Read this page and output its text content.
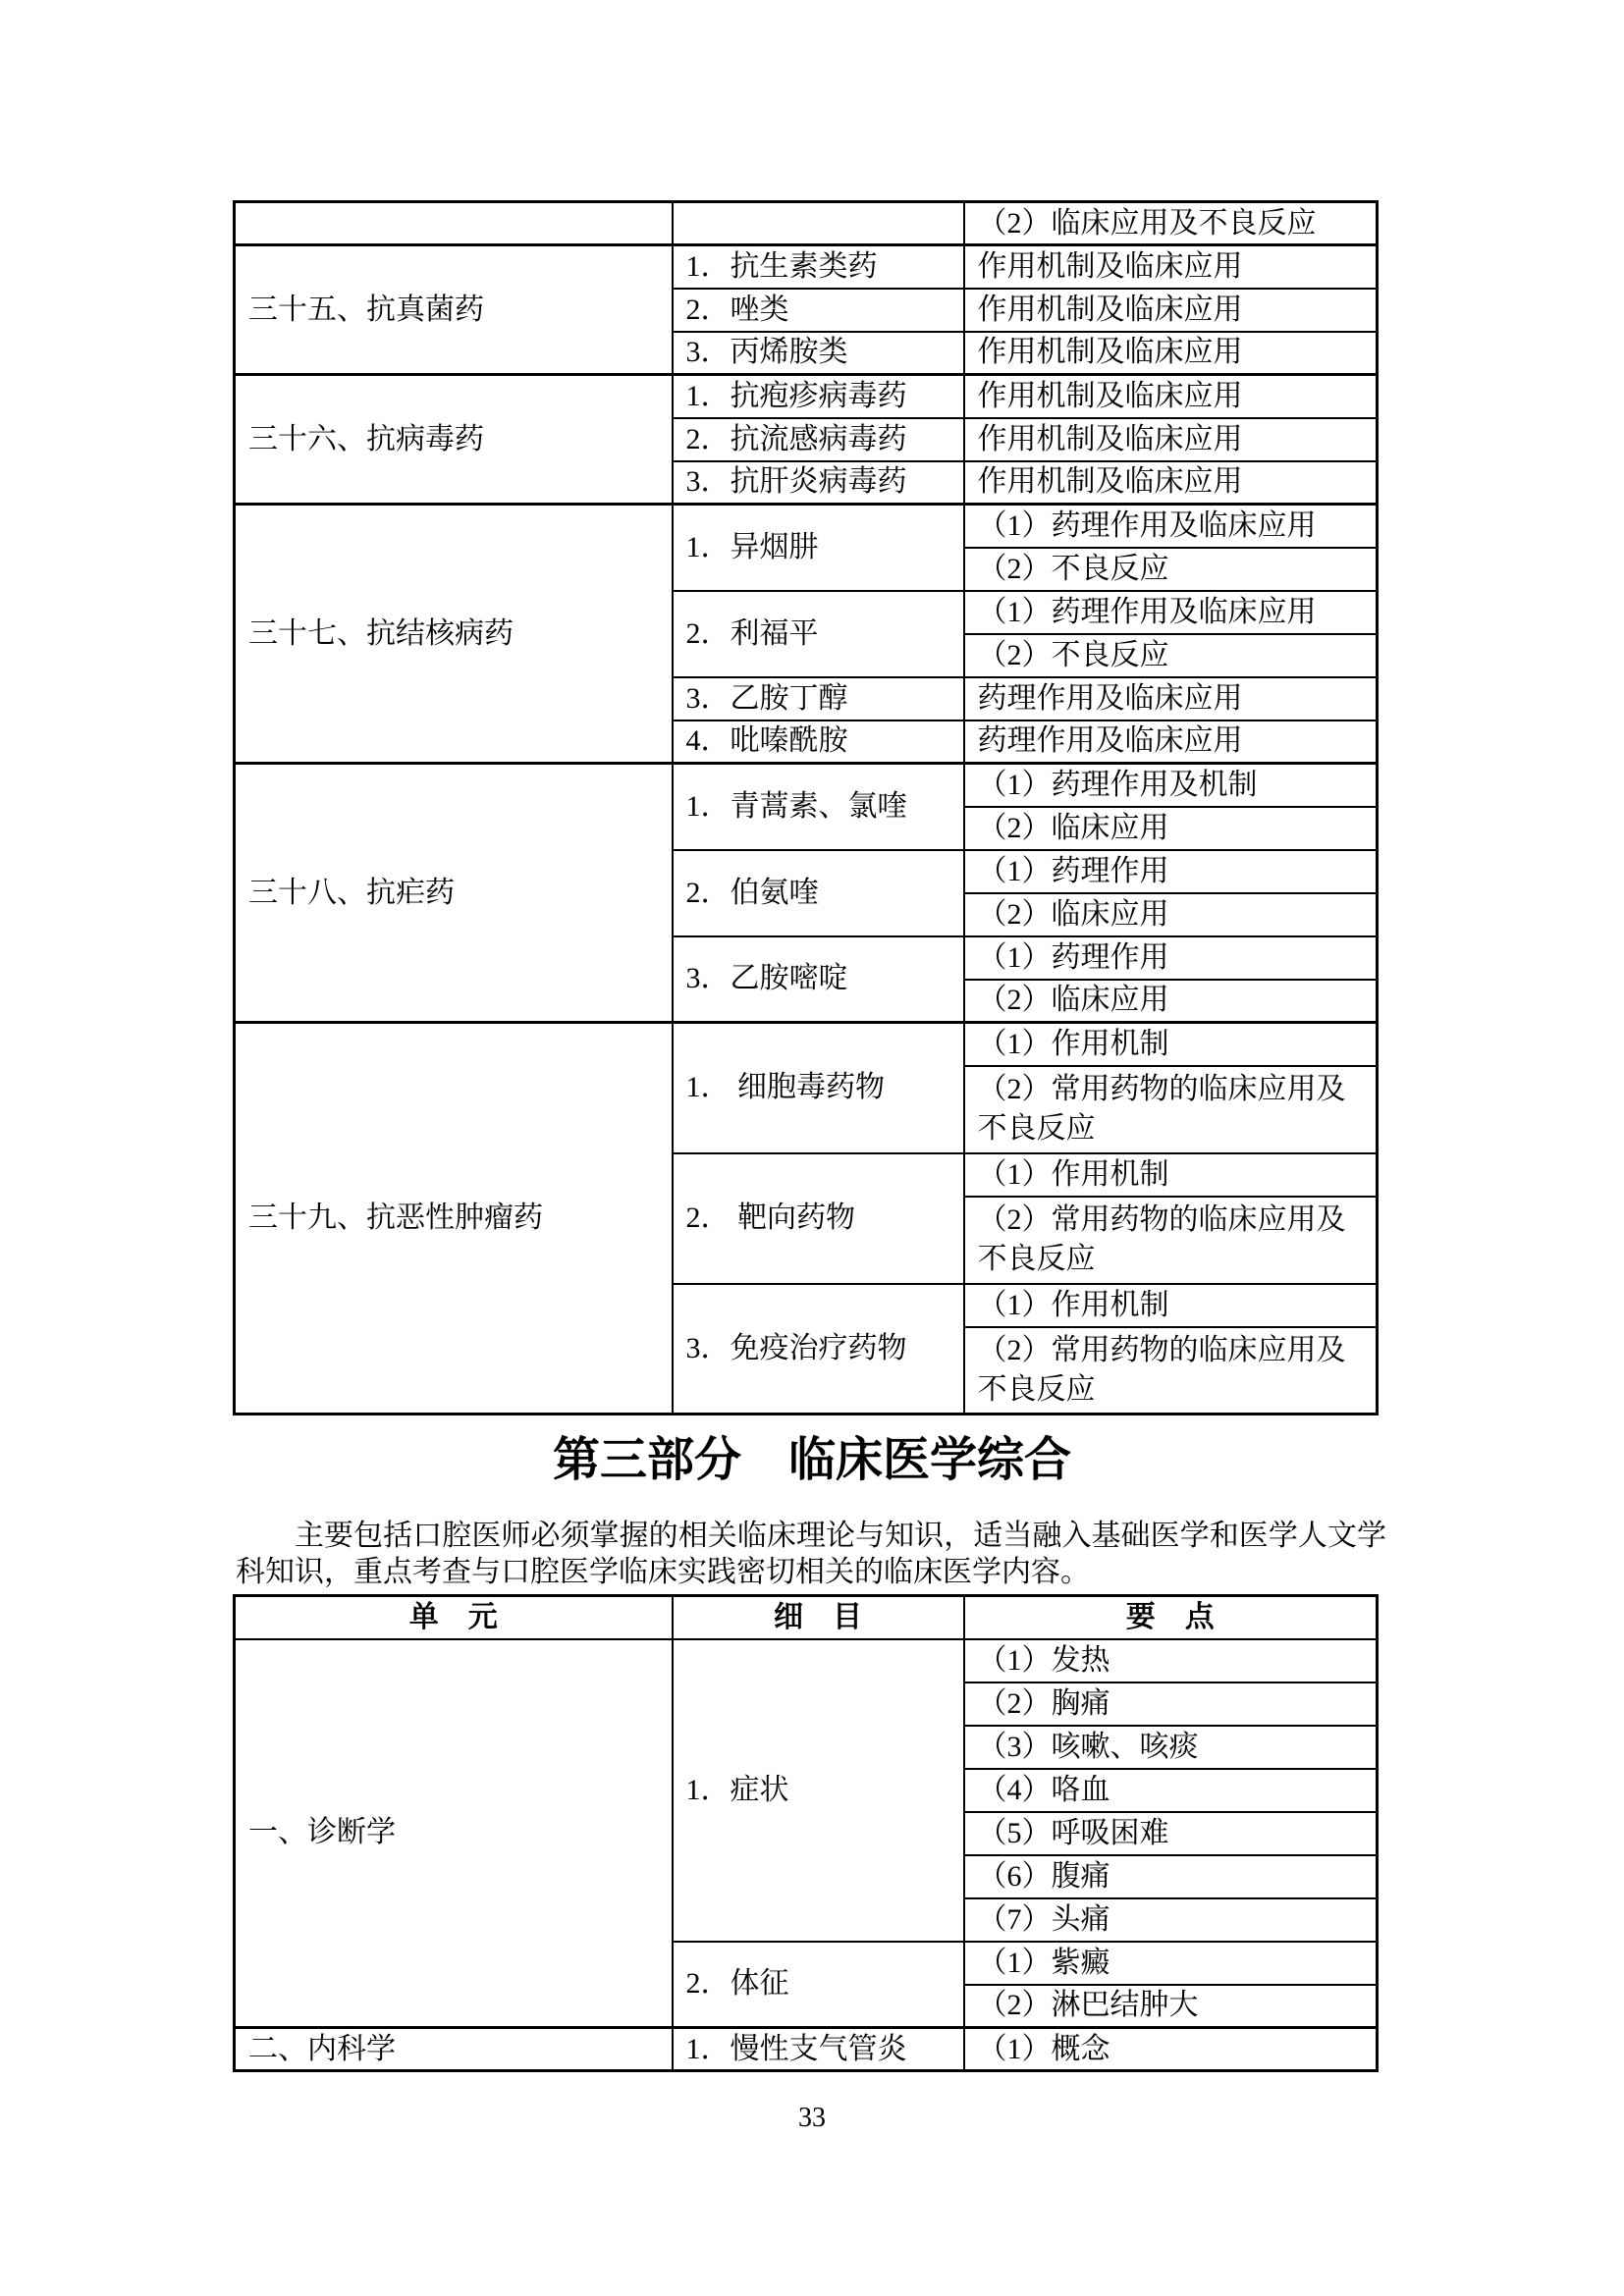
		（2）临床应用及不良反应
三十五、抗真菌药	1．抗生素类药	作用机制及临床应用
	2．唑类	作用机制及临床应用
	3．丙烯胺类	作用机制及临床应用
三十六、抗病毒药	1．抗疱疹病毒药	作用机制及临床应用
	2．抗流感病毒药	作用机制及临床应用
	3．抗肝炎病毒药	作用机制及临床应用
三十七、抗结核病药	1．异烟肼	（1）药理作用及临床应用
		（2）不良反应
	2．利福平	（1）药理作用及临床应用
		（2）不良反应
	3．乙胺丁醇	药理作用及临床应用
	4．吡嗪酰胺	药理作用及临床应用
三十八、抗疟药	1．青蒿素、氯喹	（1）药理作用及机制
		（2）临床应用
	2．伯氨喹	（1）药理作用
		（2）临床应用
	3．乙胺嘧啶	（1）药理作用
		（2）临床应用
三十九、抗恶性肿瘤药	1． 细胞毒药物	（1）作用机制
		（2）常用药物的临床应用及不良反应
	2． 靶向药物	（1）作用机制
		（2）常用药物的临床应用及不良反应
	3．免疫治疗药物	（1）作用机制
		（2）常用药物的临床应用及不良反应
第三部分　临床医学综合
主要包括口腔医师必须掌握的相关临床理论与知识，适当融入基础医学和医学人文学科知识，重点考查与口腔医学临床实践密切相关的临床医学内容。
单　元	细　目	要　点
一、诊断学	1．症状	（1）发热
		（2）胸痛
		（3）咳嗽、咳痰
		（4）咯血
		（5）呼吸困难
		（6）腹痛
		（7）头痛
	2．体征	（1）紫癜
		（2）淋巴结肿大
二、内科学	1．慢性支气管炎	（1）概念
33
